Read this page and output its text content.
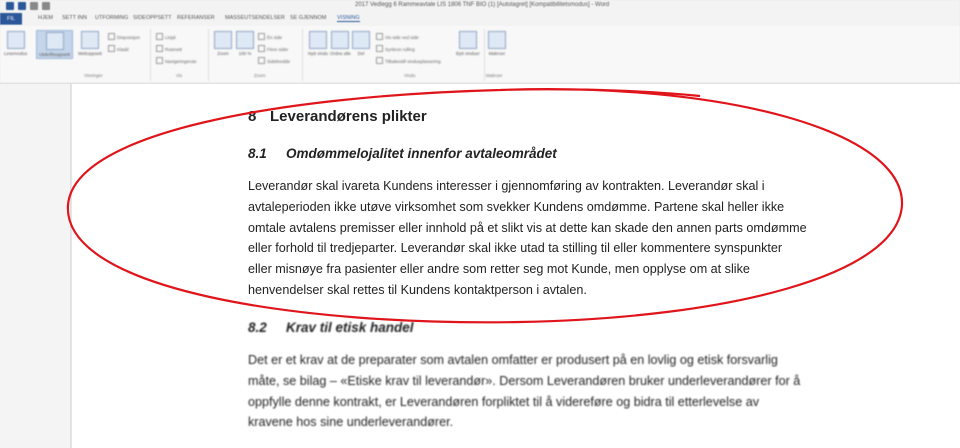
2017 Vedlegg 6 Rammeavtale LIS 1806 TNF BIO (1) [Autolagret] [Kompatibilitetsmodus] - Word
FIL	HJEM SETT INN UTFORMING SIDEOPPSETT REFERANSER MASSEUTSENDELSER SE GJENNOM VISNING
Lesemodus	Utskriftsoppsett	Weboppsett
Disposisjon
Kladd
Visninger
Linjal
Rutenett
Navigeringsrute
Vis
Zoom	100 %
Én side
Flere sider
Sidebredde
Zoom
Nytt vindu Ordne alle	Del
Vis side ved side
Synkron rulling
Tilbakestill vindusplassering
Bytt vinduer
Vindu
Makroer
Makroer
8 Leverandørens plikter
8.1 Omdømmelojalitet innenfor avtaleområdet
Leverandør skal ivareta Kundens interesser i gjennomføring av kontrakten. Leverandør skal i
avtaleperioden ikke utøve virksomhet som svekker Kundens omdømme. Partene skal heller ikke
omtale avtalens premisser eller innhold på et slikt vis at dette kan skade den annen parts omdømme
eller forhold til tredjeparter. Leverandør skal ikke utad ta stilling til eller kommentere synspunkter
eller misnøye fra pasienter eller andre som retter seg mot Kunde, men opplyse om at slike
henvendelser skal rettes til Kundens kontaktperson i avtalen.
8.2 Krav til etisk handel
Det er et krav at de preparater som avtalen omfatter er produsert på en lovlig og etisk forsvarlig
måte, se bilag – «Etiske krav til leverandør». Dersom Leverandøren bruker underleverandører for å
oppfylle denne kontrakt, er Leverandøren forpliktet til å videreføre og bidra til etterlevelse av
kravene hos sine underleverandører.
